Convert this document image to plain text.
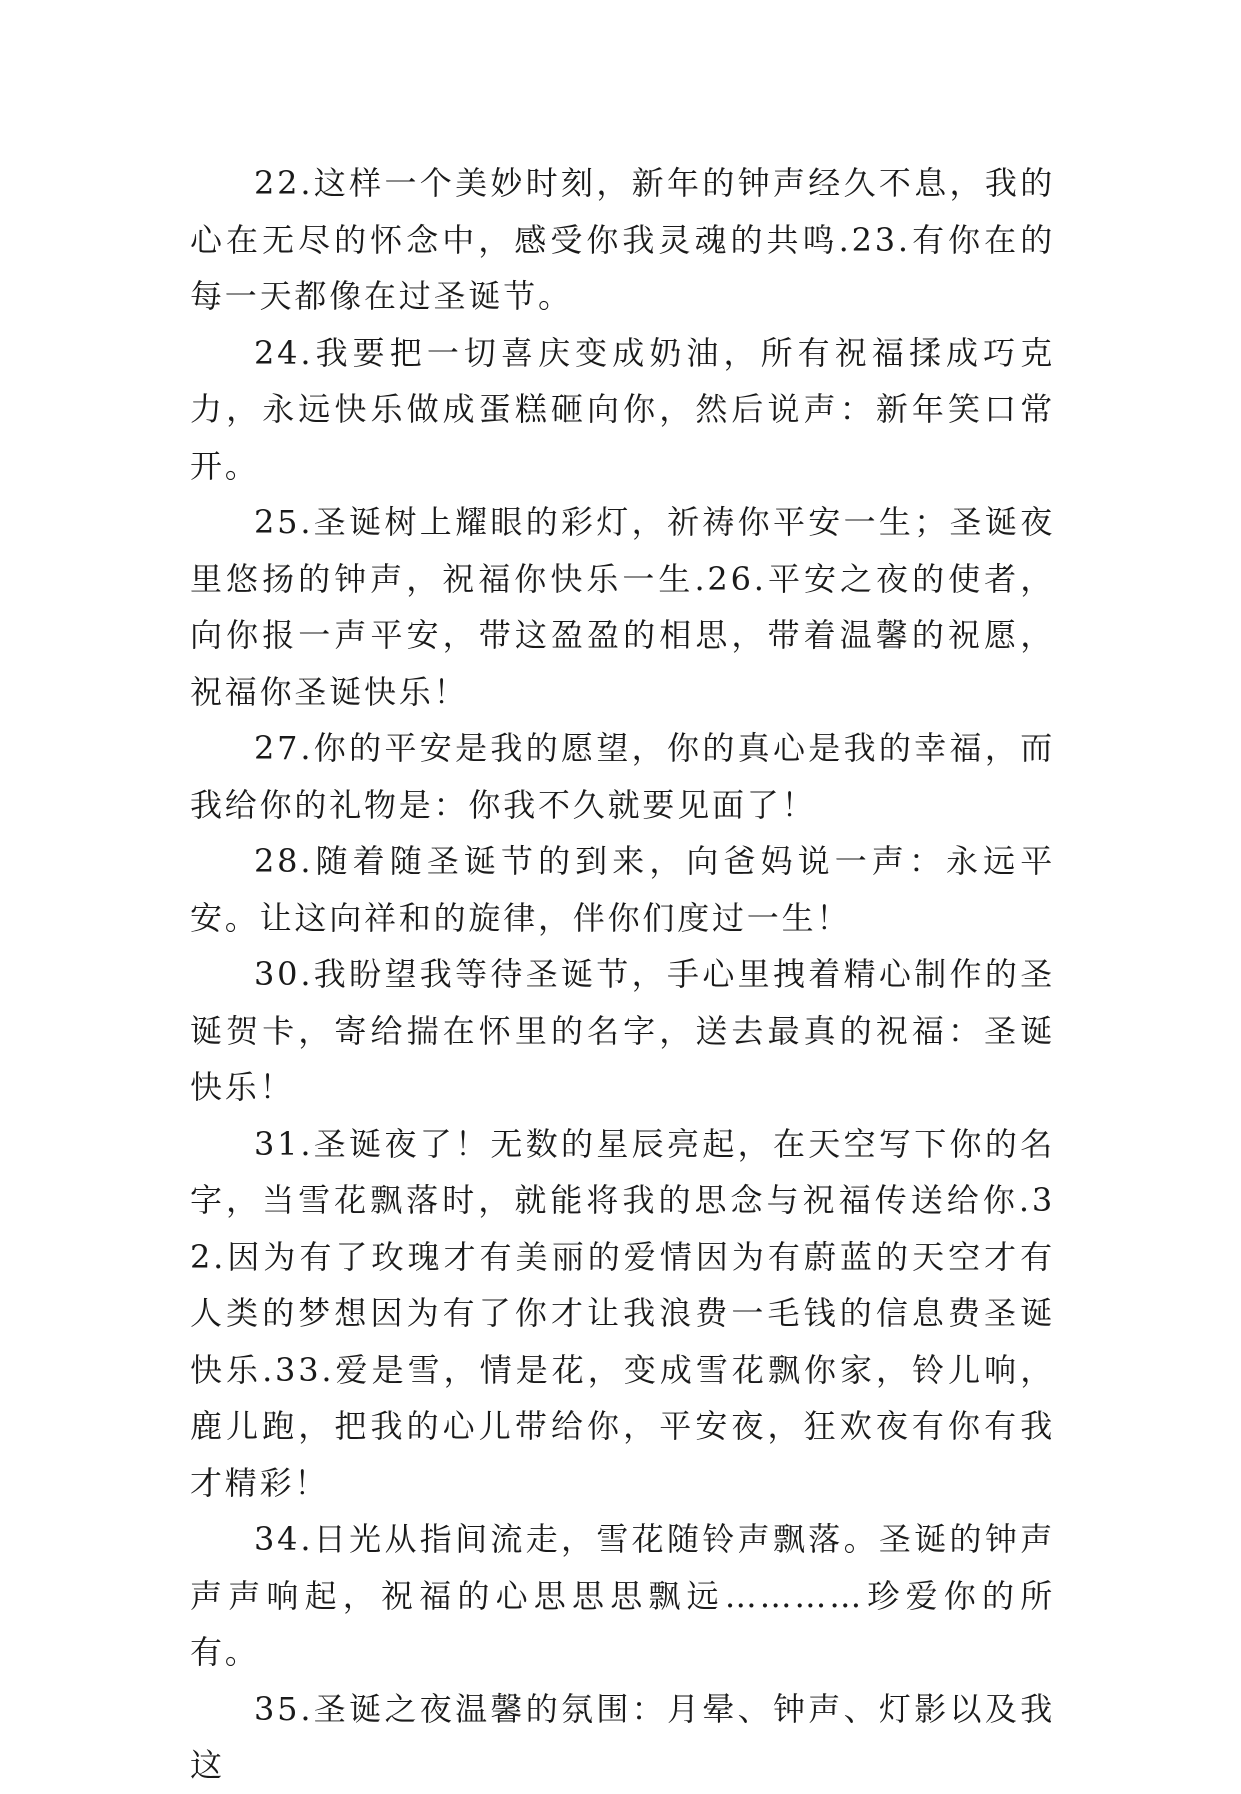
22.这样一个美妙时刻，新年的钟声经久不息，我的心在无尽的怀念中，感受你我灵魂的共鸣.23.有你在的每一天都像在过圣诞节。

24.我要把一切喜庆变成奶油，所有祝福揉成巧克力，永远快乐做成蛋糕砸向你，然后说声：新年笑口常开。

25.圣诞树上耀眼的彩灯，祈祷你平安一生；圣诞夜里悠扬的钟声，祝福你快乐一生.26.平安之夜的使者，向你报一声平安，带这盈盈的相思，带着温馨的祝愿，祝福你圣诞快乐！

27.你的平安是我的愿望，你的真心是我的幸福，而我给你的礼物是：你我不久就要见面了！

28.随着随圣诞节的到来，向爸妈说一声：永远平安。让这向祥和的旋律，伴你们度过一生！

30.我盼望我等待圣诞节，手心里拽着精心制作的圣诞贺卡，寄给揣在怀里的名字，送去最真的祝福：圣诞快乐！

31.圣诞夜了！无数的星辰亮起，在天空写下你的名字，当雪花飘落时，就能将我的思念与祝福传送给你.32.因为有了玫瑰才有美丽的爱情因为有蔚蓝的天空才有人类的梦想因为有了你才让我浪费一毛钱的信息费圣诞快乐.33.爱是雪，情是花，变成雪花飘你家，铃儿响，鹿儿跑，把我的心儿带给你，平安夜，狂欢夜有你有我才精彩！

34.日光从指间流走，雪花随铃声飘落。圣诞的钟声声声响起，祝福的心思思思飘远…………珍爱你的所有。

35.圣诞之夜温馨的氛围：月晕、钟声、灯影以及我这
